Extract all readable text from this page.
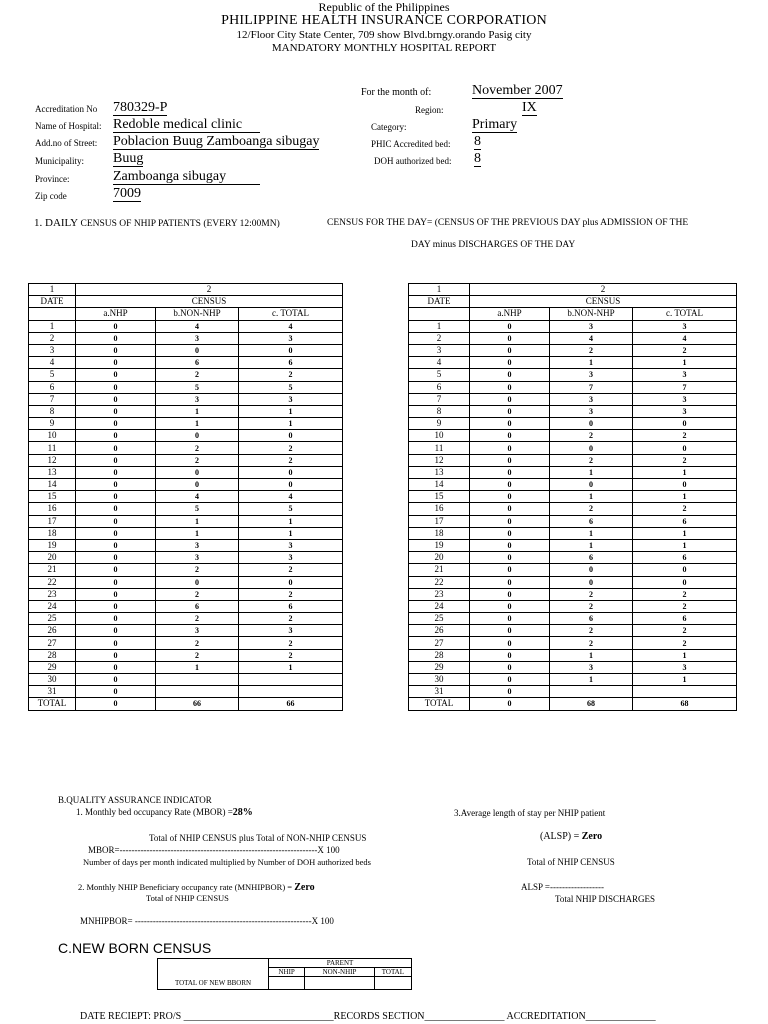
Republic of the Philippines
PHILIPPINE HEALTH INSURANCE CORPORATION
12/Floor City State Center, 709 show Blvd.brngy.orando Pasig city
MANDATORY MONTHLY HOSPITAL REPORT
For the month of:	November 2007
Accreditation No 780329-P	Region:	IX
Name of Hospital: Redoble medical clinic	Category:	Primary
Add.no of Street: Poblacion Buug Zamboanga sibugay	PHIC Accredited bed: 8
Municipality: Buug	DOH authorized bed: 8
Province:	Zamboanga sibugay
Zip code	7009
1. DAILY CENSUS OF NHIP PATIENTS (EVERY 12:00MN)	CENSUS FOR THE DAY= (CENSUS OF THE PREVIOUS DAY plus ADMISSION OF THE
DAY minus DISCHARGES OF THE DAY
1	2		
DATE	CENSUS		
	a.NHP	b.NON-NHP	c. TOTAL
1	0	4	4
2	0	3	3
3	0	0	0
4	0	6	6
5	0	2	2
6	0	5	5
7	0	3	3
8	0	1	1
9	0	1	1
10	0	0	0
11	0	2	2
12	0	2	2
13	0	0	0
14	0	0	0
15	0	4	4
16	0	5	5
17	0	1	1
18	0	1	1
19	0	3	3
20	0	3	3
21	0	2	2
22	0	0	0
23	0	2	2
24	0	6	6
25	0	2	2
26	0	3	3
27	0	2	2
28	0	2	2
29	0	1	1
30	0		
31	0		
TOTAL	0	66	66
1	2		
DATE	CENSUS		
	a.NHP	b.NON-NHP	c. TOTAL
1	0	3	3
2	0	4	4
3	0	2	2
4	0	1	1
5	0	3	3
6	0	7	7
7	0	3	3
8	0	3	3
9	0	0	0
10	0	2	2
11	0	0	0
12	0	2	2
13	0	1	1
14	0	0	0
15	0	1	1
16	0	2	2
17	0	6	6
18	0	1	1
19	0	1	1
20	0	6	6
21	0	0	0
22	0	0	0
23	0	2	2
24	0	2	2
25	0	6	6
26	0	2	2
27	0	2	2
28	0	1	1
29	0	3	3
30	0	1	1
31	0		
TOTAL	0	68	68
B.QUALITY ASSURANCE INDICATOR
1. Monthly bed occupancy Rate (MBOR) =28%
Total of NHIP CENSUS plus Total of NON-NHIP CENSUS
MBOR=------------------------------------------------------------------X 100
Number of days per month indicated multiplied by Number of DOH authorized beds
2. Monthly NHIP Beneficiary occupancy rate (MNHIPBOR) = Zero
Total of NHIP CENSUS
MNHIPBOR= -----------------------------------------------------------X 100
3.Average length of stay per NHIP patient
(ALSP) = Zero
Total of NHIP CENSUS
ALSP =------------------
Total NHIP DISCHARGES
C.NEW BORN CENSUS
	PARENT		
	NHIP	NON-NHIP	TOTAL
TOTAL OF NEW BBORN			
DATE RECIEPT: PRO/S ______________________________RECORDS SECTION________________ ACCREDITATION______________
